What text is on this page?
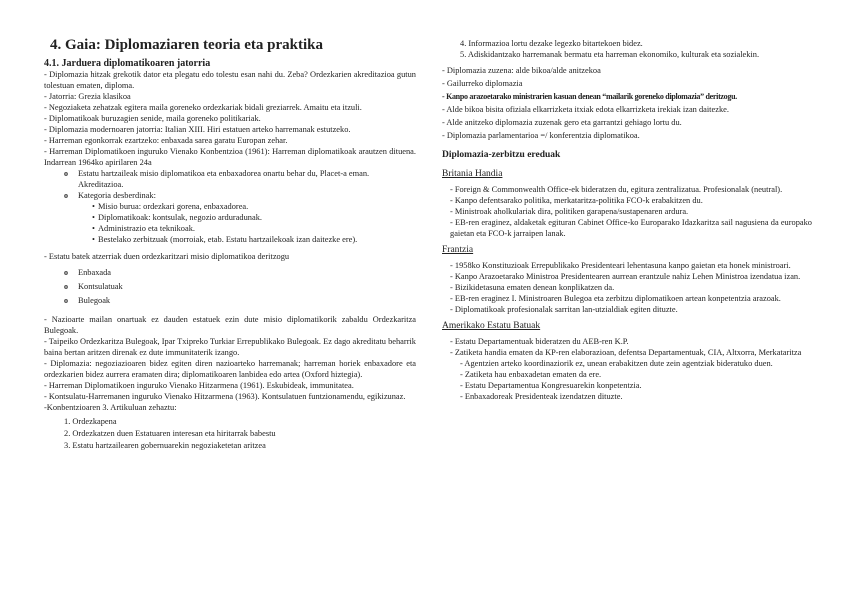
4. Gaia: Diplomaziaren teoria eta praktika
4.1. Jarduera diplomatikoaren jatorria

- Diplomazia hitzak grekotik dator eta plegatu edo tolestu esan nahi du. Zeba? Ordezkarien akreditazioa gutun tolestuan ematen, diploma.

- Jatorria: Grezia klasikoa

- Negoziaketa zehatzak egitera maila goreneko ordezkariak bidali greziarrek. Amaitu eta itzuli.

- Diplomatikoak buruzagien senide, maila goreneko politikariak.

- Diplomazia modernoaren jatorria: Italian XIII. Hiri estatuen arteko harremanak estutzeko.

- Harreman egonkorrak ezartzeko: enbaxada sarea garatu Europan zehar.

- Harreman Diplomatikoen inguruko Vienako Konbentzioa (1961): Harreman diplomatikoak arautzen dituena. Indarrean 1964ko apirilaren 24a

o Estatu hartzaileak misio diplomatikoa eta enbaxadorea onartu behar du, Placet-a eman. Akreditazioa.
o Kategoria desberdinak:
• Misio burua: ordezkari gorena, enbaxadorea.
• Diplomatikoak: kontsulak, negozio arduradunak.
• Administrazio eta teknikoak.
• Bestelako zerbitzuak (morroiak, etab. Estatu hartzailekoak izan daitezke ere).

- Estatu batek atzerriak duen ordezkaritzari misio diplomatikoa deritzogu

o Enbaxada
o Kontsulatuak
o Bulegoak

- Nazioarte mailan onartuak ez dauden estatuek ezin dute misio diplomatikorik zabaldu Ordezkaritza Bulegoak.

- Taipeiko Ordezkaritza Bulegoak, Ipar Txipreko Turkiar Errepublikako Bulegoak. Ez dago akreditatu beharrik baina bertan aritzen direnak ez dute immunitaterik izango.

- Diplomazia: negoziazioaren bidez egiten diren nazioarteko harremanak; harreman horiek enbaxadore eta ordezkarien bidez aurrera eramaten dira; diplomatikoaren lanbidea edo artea (Oxford hiztegia).

- Harreman Diplomatikoen inguruko Vienako Hitzarmena (1961). Eskubideak, immunitatea.

- Kontsulatu-Harremanen inguruko Vienako Hitzarmena (1963). Kontsulatuen funtzionamendu, egikizunaz.

-Konbentzioaren 3. Artikuluan zehaztu:

1. Ordezkapena
2. Ordezkatzen duen Estatuaren interesan eta hiritarrak babestu
3. Estatu hartzailearen gobernuarekin negoziaketetan aritzea

4. Informazioa lortu dezake legezko bitartekoen bidez.

5. Adiskidantzako harremanak bermatu eta harreman ekonomiko, kulturak eta sozialekin.

- Diplomazia zuzena: alde bikoa/alde anitzekoa

- Gailurreko diplomazia

- Kanpo arazoetarako ministrarien kasuan denean “mailarik goreneko diplomazia” deritzogu.

- Alde bikoa bisita ofiziala elkarrizketa itxiak edota elkarrizketa irekiak izan daitezke.

- Alde anitzeko diplomazia zuzenak gero eta garrantzi gehiago lortu du.

- Diplomazia parlamentarioa =/ konferentzia diplomatikoa.

Diplomazia-zerbitzu ereduak

Britania Handia

- Foreign & Commonwealth Office-ek bideratzen du, egitura zentralizatua. Profesionalak (neutral).

- Kanpo defentsarako politika, merkataritza-politika FCO-k erabakitzen du.

- Ministroak aholkulariak dira, politiken garapena/sustapenaren ardura.

- EB-ren eraginez, aldaketak egituran Cabinet Office-ko Europarako Idazkaritza sail nagusiena da europako gaietan eta FCO-k jarraipen lanak.

Frantzia

- 1958ko Konstituzioak Errepublikako Presidenteari lehentasuna kanpo gaietan eta honek ministroari.

- Kanpo Arazoetarako Ministroa Presidentearen aurrean erantzule nahiz Lehen Ministroa izendatua izan.

- Bizikidetasuna ematen denean konplikatzen da.

- EB-ren eraginez I. Ministroaren Bulegoa eta zerbitzu diplomatikoen artean konpetentzia arazoak.

- Diplomatikoak profesionalak sarritan lan-utzialdiak egiten dituzte.

Amerikako Estatu Batuak

- Estatu Departamentuak bideratzen du AEB-ren K.P.

- Zatiketa handia ematen da KP-ren elaborazioan, defentsa Departamentuak, CIA, Altxorra, Merkataritza

- Agentzien arteko koordinaziorik ez, unean erabakitzen dute zein agentziak bideratuko duen.

- Zatiketa hau enbaxadetan ematen da ere.

- Estatu Departamentua Kongresuarekin konpetentzia.

- Enbaxadoreak Presidenteak izendatzen dituzte.
